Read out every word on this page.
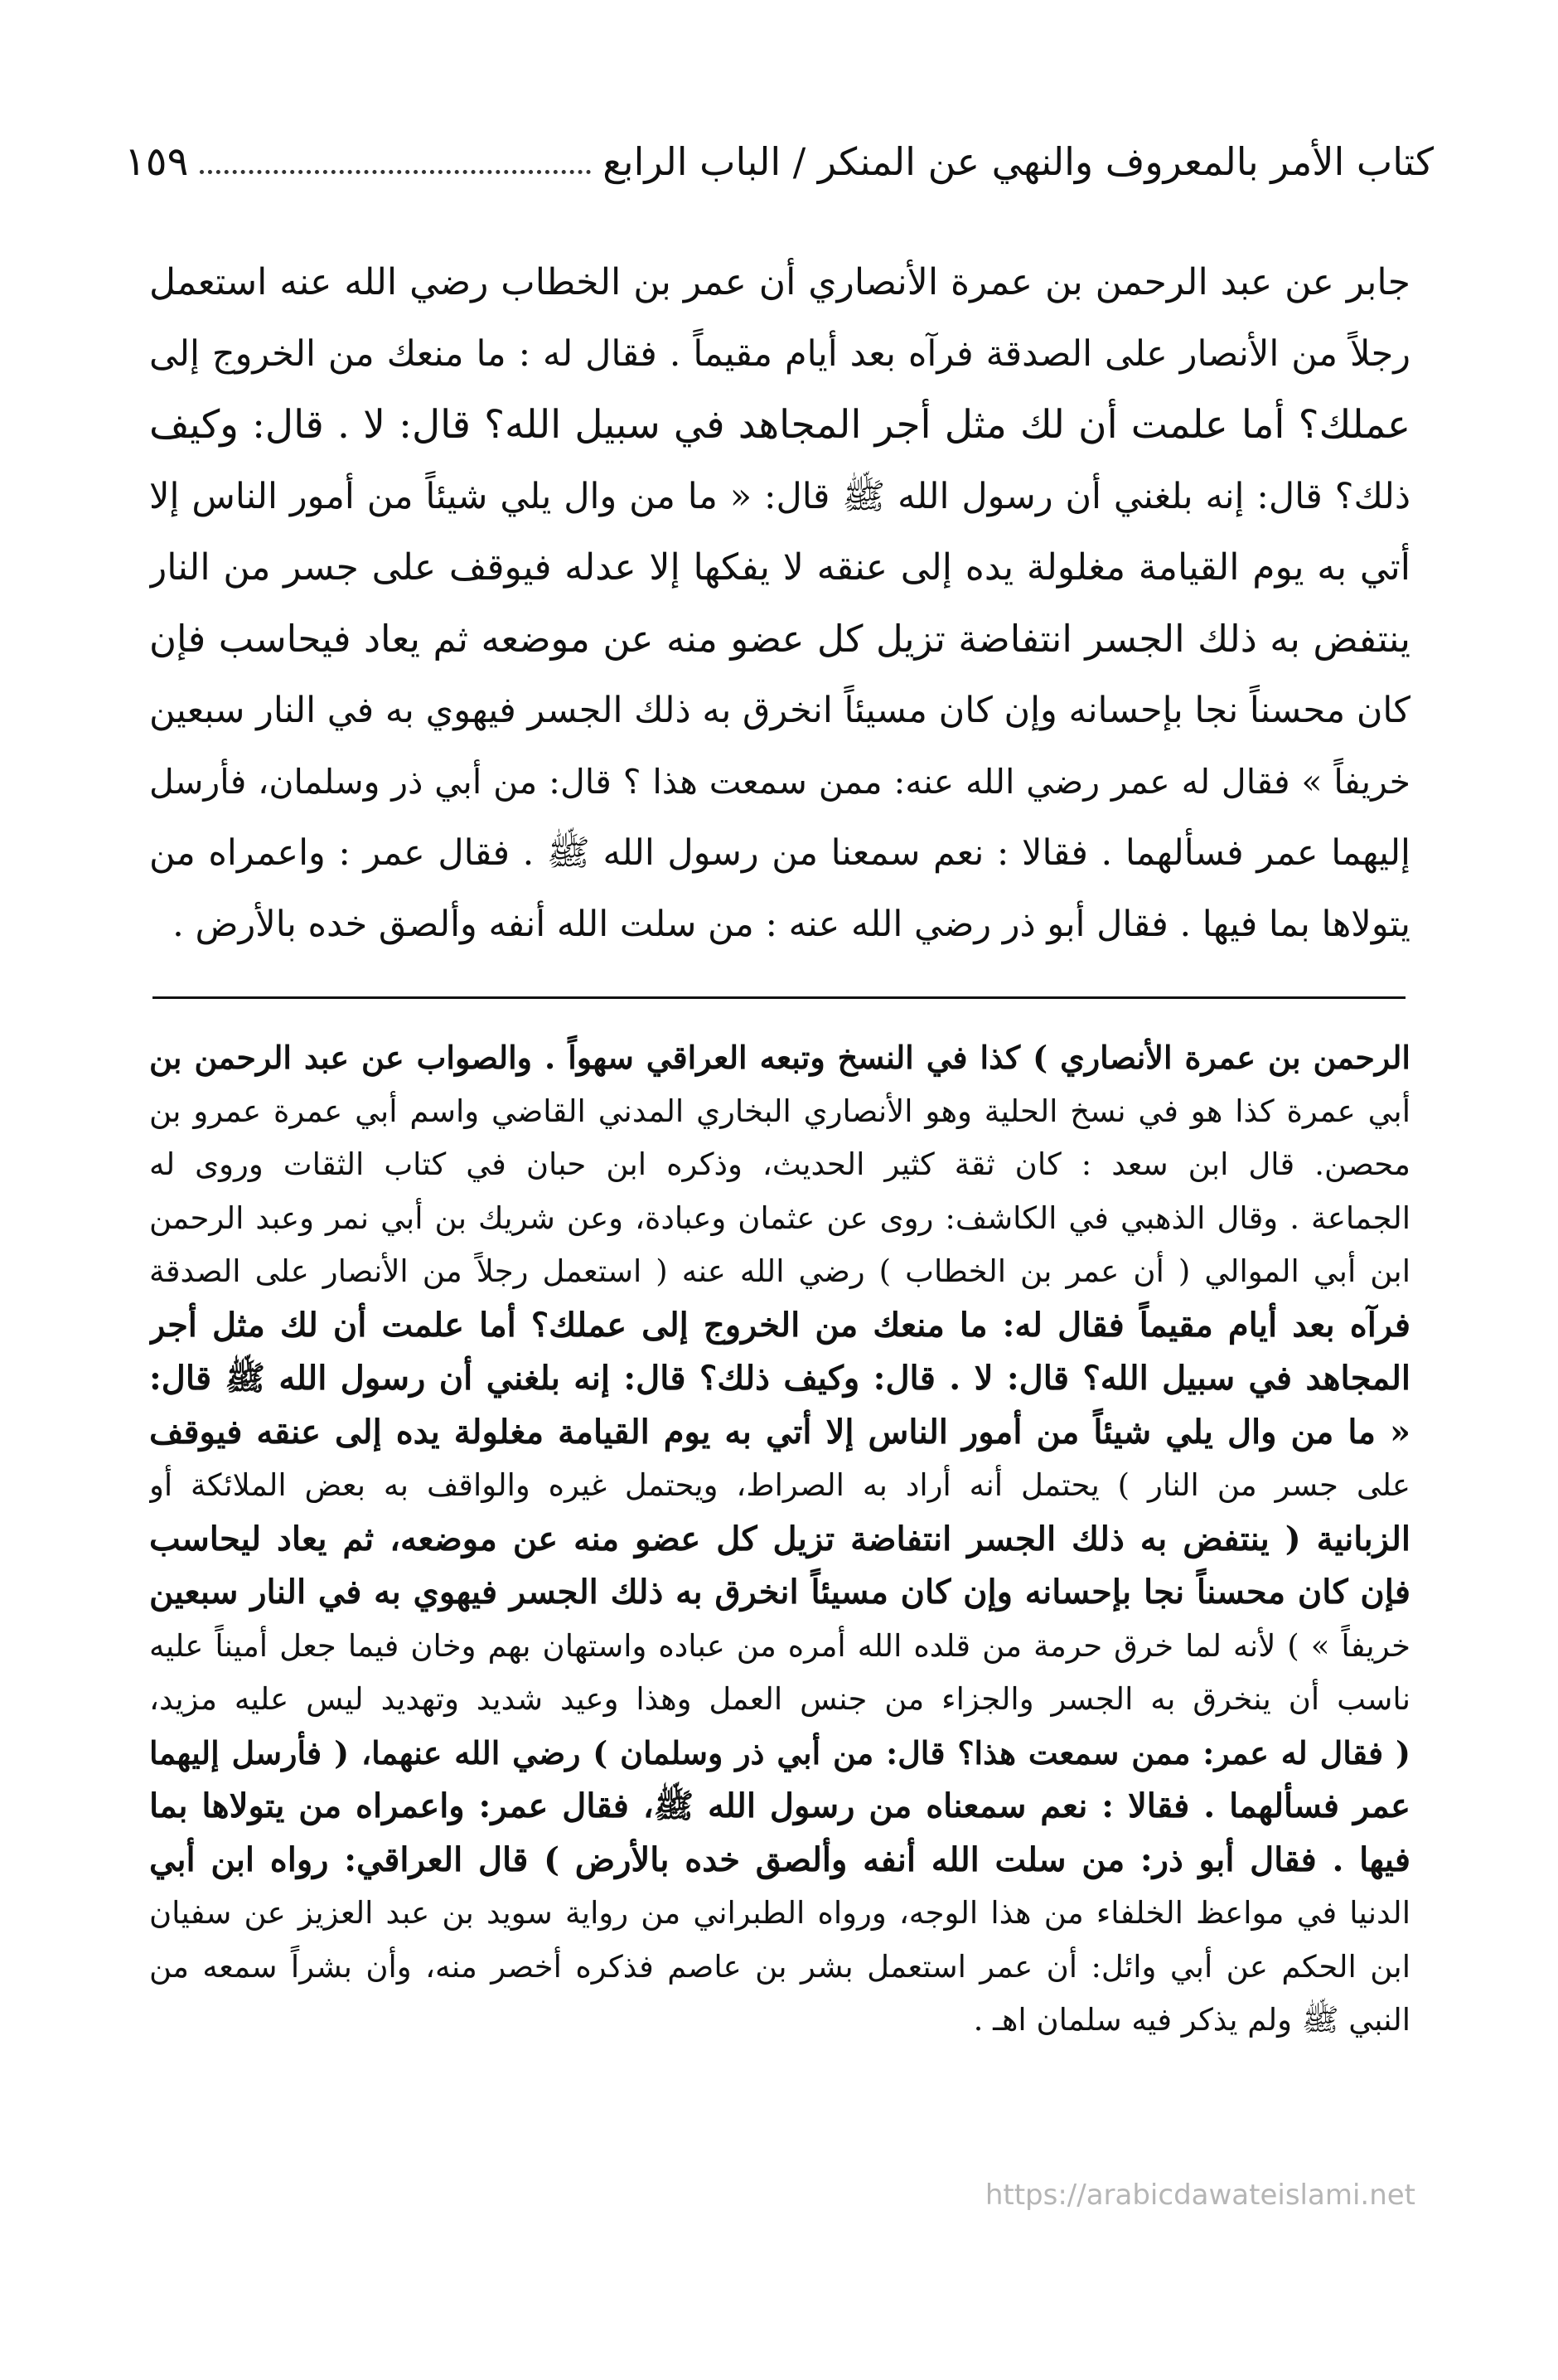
كتاب الأمر بالمعروف والنهي عن المنكر / الباب الرابع
١٥٩
جابر عن عبد الرحمن بن عمرة الأنصاري أن عمر بن الخطاب رضي الله عنه استعمل
رجلاً من الأنصار على الصدقة فرآه بعد أيام مقيماً . فقال له : ما منعك من الخروج إلى
عملك؟ أما علمت أن لك مثل أجر المجاهد في سبيل الله؟ قال: لا . قال: وكيف
ذلك؟ قال: إنه بلغني أن رسول الله ﷺ قال: « ما من وال يلي شيئاً من أمور الناس إلا
أتي به يوم القيامة مغلولة يده إلى عنقه لا يفكها إلا عدله فيوقف على جسر من النار
ينتفض به ذلك الجسر انتفاضة تزيل كل عضو منه عن موضعه ثم يعاد فيحاسب فإن
كان محسناً نجا بإحسانه وإن كان مسيئاً انخرق به ذلك الجسر فيهوي به في النار سبعين
خريفاً » فقال له عمر رضي الله عنه: ممن سمعت هذا ؟ قال: من أبي ذر وسلمان، فأرسل
إليهما عمر فسألهما . فقالا : نعم سمعنا من رسول الله ﷺ . فقال عمر : واعمراه من
يتولاها بما فيها . فقال أبو ذر رضي الله عنه : من سلت الله أنفه وألصق خده بالأرض .
الرحمن بن عمرة الأنصاري ) كذا في النسخ وتبعه العراقي سهواً . والصواب عن عبد الرحمن بن
أبي عمرة كذا هو في نسخ الحلية وهو الأنصاري البخاري المدني القاضي واسم أبي عمرة عمرو بن
محصن. قال ابن سعد : كان ثقة كثير الحديث، وذكره ابن حبان في كتاب الثقات وروى له
الجماعة . وقال الذهبي في الكاشف: روى عن عثمان وعبادة، وعن شريك بن أبي نمر وعبد الرحمن
ابن أبي الموالي ( أن عمر بن الخطاب ) رضي الله عنه ( استعمل رجلاً من الأنصار على الصدقة
فرآه بعد أيام مقيماً فقال له: ما منعك من الخروج إلى عملك؟ أما علمت أن لك مثل أجر
المجاهد في سبيل الله؟ قال: لا . قال: وكيف ذلك؟ قال: إنه بلغني أن رسول الله ﷺ قال:
« ما من وال يلي شيئاً من أمور الناس إلا أتي به يوم القيامة مغلولة يده إلى عنقه فيوقف
على جسر من النار ) يحتمل أنه أراد به الصراط، ويحتمل غيره والواقف به بعض الملائكة أو
الزبانية ( ينتفض به ذلك الجسر انتفاضة تزيل كل عضو منه عن موضعه، ثم يعاد ليحاسب
فإن كان محسناً نجا بإحسانه وإن كان مسيئاً انخرق به ذلك الجسر فيهوي به في النار سبعين
خريفاً » ) لأنه لما خرق حرمة من قلده الله أمره من عباده واستهان بهم وخان فيما جعل أميناً عليه
ناسب أن ينخرق به الجسر والجزاء من جنس العمل وهذا وعيد شديد وتهديد ليس عليه مزيد،
( فقال له عمر: ممن سمعت هذا؟ قال: من أبي ذر وسلمان ) رضي الله عنهما، ( فأرسل إليهما
عمر فسألهما . فقالا : نعم سمعناه من رسول الله ﷺ، فقال عمر: واعمراه من يتولاها بما
فيها . فقال أبو ذر: من سلت الله أنفه وألصق خده بالأرض ) قال العراقي: رواه ابن أبي
الدنيا في مواعظ الخلفاء من هذا الوجه، ورواه الطبراني من رواية سويد بن عبد العزيز عن سفيان
ابن الحكم عن أبي وائل: أن عمر استعمل بشر بن عاصم فذكره أخصر منه، وأن بشراً سمعه من
النبي ﷺ ولم يذكر فيه سلمان اهـ .
https://arabicdawateislami.net
